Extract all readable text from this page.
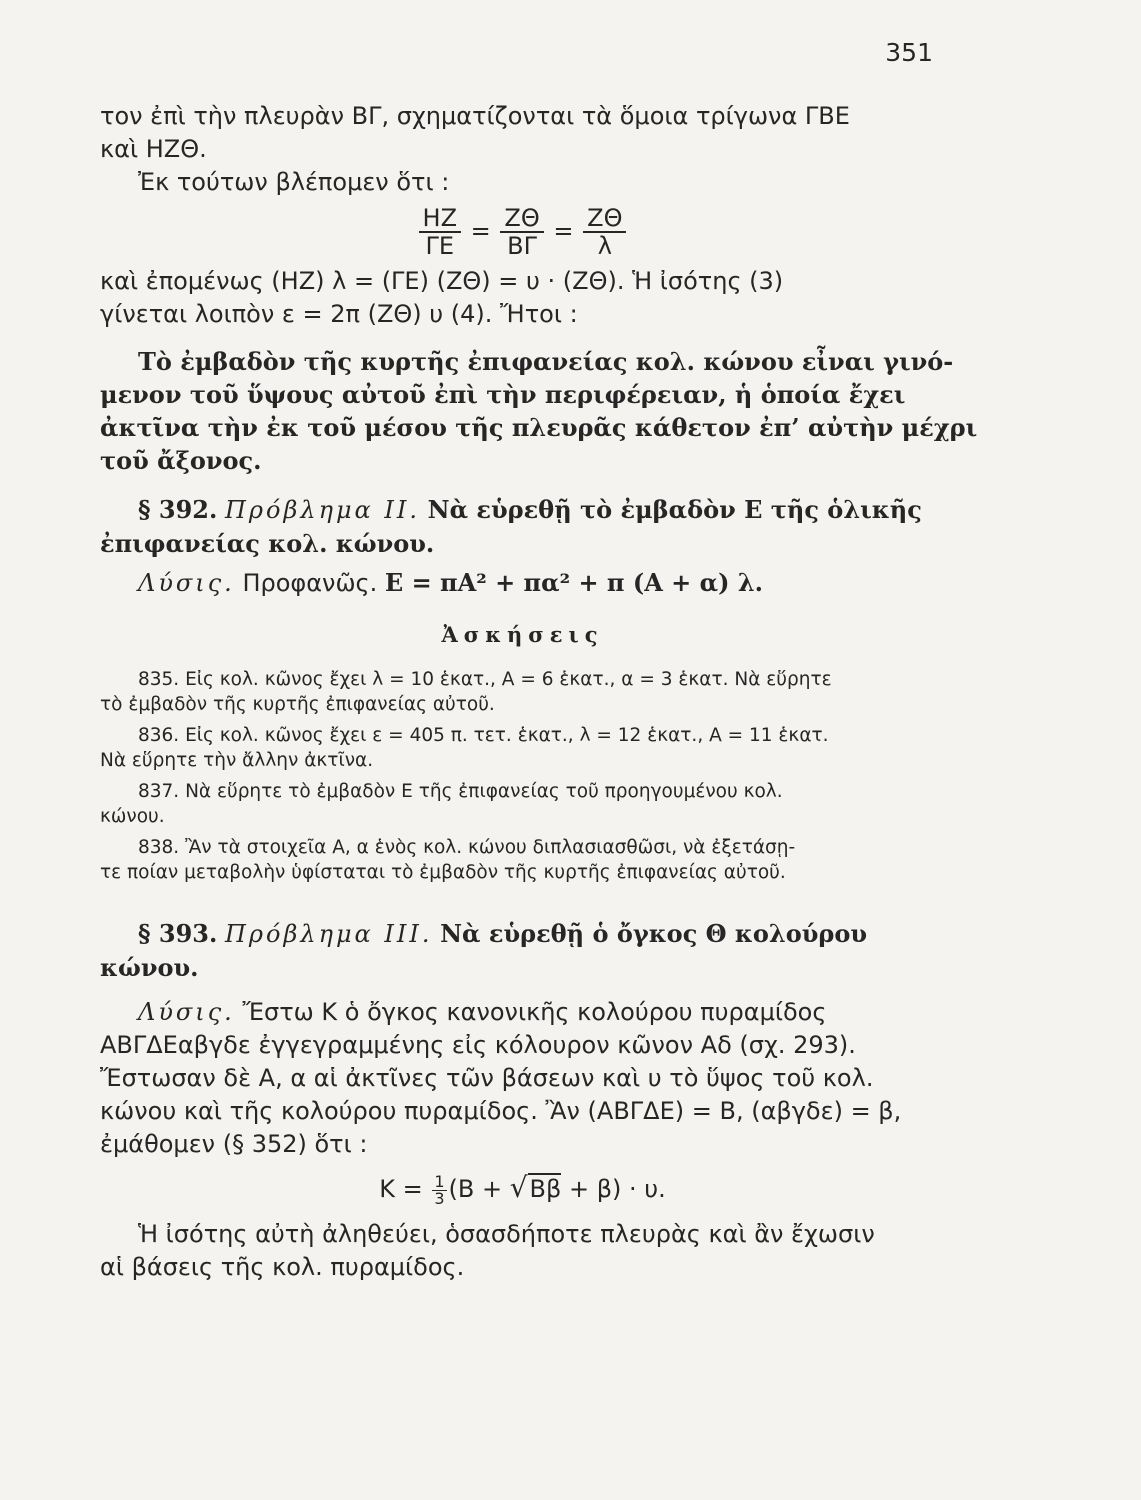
351

τον ἐπὶ τὴν πλευρὰν ΒΓ, σχηματίζονται τὰ ὅμοια τρίγωνα ΓΒΕ

καὶ ΗΖΘ.

Ἐκ τούτων βλέπομεν ὅτι :

$\frac{HZ}{\Gamma E} = \frac{Z\Theta}{B\Gamma} = \frac{Z\Theta}{\lambda}$

καὶ ἐπομένως (ΗΖ) λ = (ΓΕ) (ΖΘ) = υ · (ΖΘ). Ἡ ἰσότης (3)

γίνεται λοιπὸν ε = 2π (ΖΘ) υ (4). Ἤτοι :

Τὸ ἐμβαδὸν τῆς κυρτῆς ἐπιφανείας κολ. κώνου εἶναι γινό-

μενον τοῦ ὕψους αὐτοῦ ἐπὶ τὴν περιφέρειαν, ἡ ὁποία ἔχει

ἀκτῖνα τὴν ἐκ τοῦ μέσου τῆς πλευρᾶς κάθετον ἐπ’ αὐτὴν μέχρι

τοῦ ἄξονος.

§ 392. Πρόβλημα ΙΙ. Νὰ εὑρεθῇ τὸ ἐμβαδὸν Ε τῆς ὁλικῆς

ἐπιφανείας κολ. κώνου.

Λύσις. Προφανῶς. Ε = πΑ² + πα² + π (Α + α) λ.

Ἀσκήσεις

835. Εἰς κολ. κῶνος ἔχει λ = 10 ἑκατ., Α = 6 ἑκατ., α = 3 ἑκατ. Νὰ εὕρητε

τὸ ἐμβαδὸν τῆς κυρτῆς ἐπιφανείας αὐτοῦ.

836. Εἰς κολ. κῶνος ἔχει ε = 405 π. τετ. ἑκατ., λ = 12 ἑκατ., Α = 11 ἑκατ.

Νὰ εὕρητε τὴν ἄλλην ἀκτῖνα.

837. Νὰ εὕρητε τὸ ἐμβαδὸν Ε τῆς ἐπιφανείας τοῦ προηγουμένου κολ.

κώνου.

838. Ἂν τὰ στοιχεῖα Α, α ἑνὸς κολ. κώνου διπλασιασθῶσι, νὰ ἐξετάσῃ-

τε ποίαν μεταβολὴν ὑφίσταται τὸ ἐμβαδὸν τῆς κυρτῆς ἐπιφανείας αὐτοῦ.

§ 393. Πρόβλημα ΙΙΙ. Νὰ εὑρεθῇ ὁ ὄγκος Θ κολούρου

κώνου.

Λύσις. Ἔστω Κ ὁ ὄγκος κανονικῆς κολούρου πυραμίδος

ΑΒΓΔΕαβγδε ἐγγεγραμμένης εἰς κόλουρον κῶνον Αδ (σχ. 293).

Ἔστωσαν δὲ Α, α αἱ ἀκτῖνες τῶν βάσεων καὶ υ τὸ ὕψος τοῦ κολ.

κώνου καὶ τῆς κολούρου πυραμίδος. Ἂν (ΑΒΓΔΕ) = Β, (αβγδε) = β,

ἐμάθομεν (§ 352) ὅτι :

$K = \frac{1}{3} (B + √B\beta + \beta) \cdot \upsilon$.

Ἡ ἰσότης αὐτὴ ἀληθεύει, ὁσασδήποτε πλευρὰς καὶ ἂν ἔχωσιν

αἱ βάσεις τῆς κολ. πυραμίδος.
